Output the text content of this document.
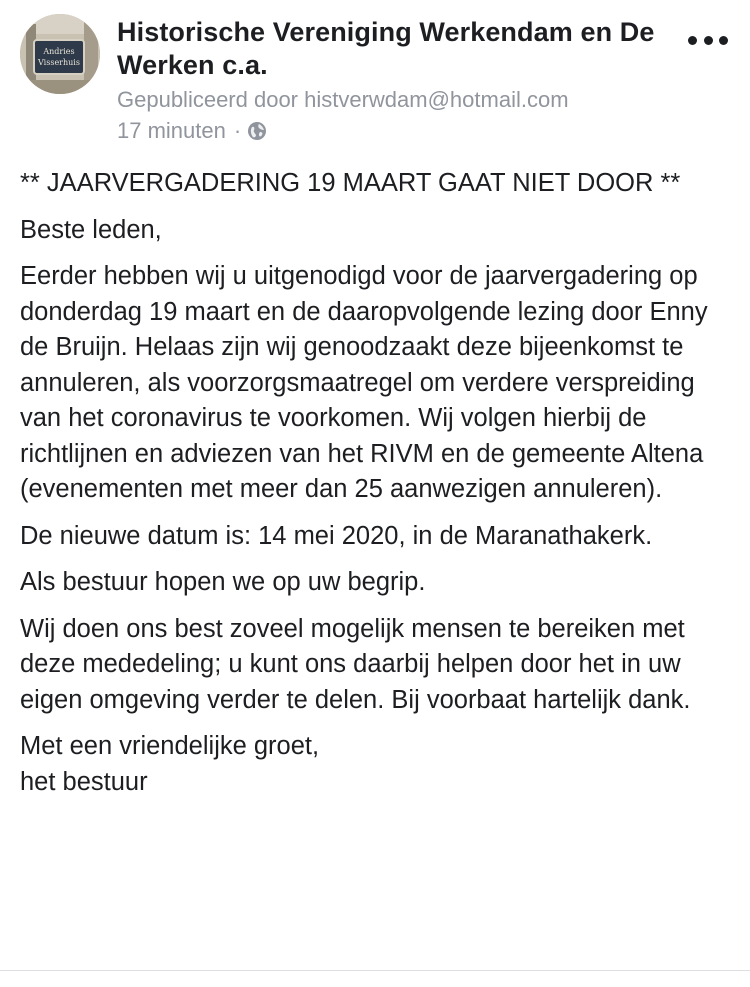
Andries
Visserhuis
Historische Vereniging Werkendam en De Werken c.a.
Gepubliceerd door histverwdam@hotmail.com
17 minuten ·

** JAARVERGADERING 19 MAART GAAT NIET DOOR **

Beste leden,

Eerder hebben wij u uitgenodigd voor de jaarvergadering op donderdag 19 maart en de daaropvolgende lezing door Enny de Bruijn. Helaas zijn wij genoodzaakt deze bijeenkomst te annuleren, als voorzorgsmaatregel om verdere verspreiding van het coronavirus te voorkomen. Wij volgen hierbij de richtlijnen en adviezen van het RIVM en de gemeente Altena (evenementen met meer dan 25 aanwezigen annuleren).

De nieuwe datum is: 14 mei 2020, in de Maranathakerk.

Als bestuur hopen we op uw begrip.

Wij doen ons best zoveel mogelijk mensen te bereiken met deze mededeling; u kunt ons daarbij helpen door het in uw eigen omgeving verder te delen. Bij voorbaat hartelijk dank.

Met een vriendelijke groet,
het bestuur
